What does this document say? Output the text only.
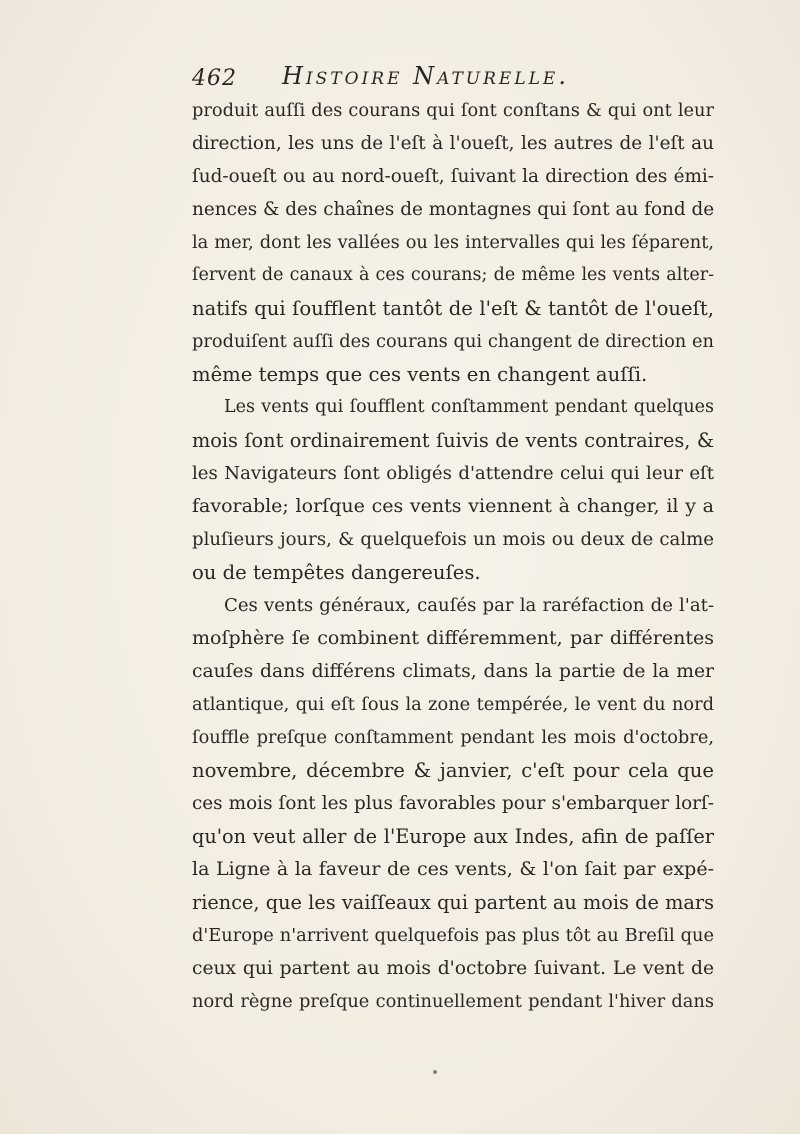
462 Histoire Naturelle.
produit auſſi des courans qui ſont conſtans & qui ont leur
direction, les uns de l'eſt à l'oueſt, les autres de l'eſt au
ſud-oueſt ou au nord-oueſt, ſuivant la direction des émi-
nences & des chaînes de montagnes qui ſont au fond de
la mer, dont les vallées ou les intervalles qui les ſéparent,
ſervent de canaux à ces courans; de même les vents alter-
natifs qui ſoufflent tantôt de l'eſt & tantôt de l'oueſt,
produiſent auſſi des courans qui changent de direction en
même temps que ces vents en changent auſſi.
Les vents qui ſoufflent conſtamment pendant quelques
mois ſont ordinairement ſuivis de vents contraires, &
les Navigateurs ſont obligés d'attendre celui qui leur eſt
favorable; lorſque ces vents viennent à changer, il y a
pluſieurs jours, & quelquefois un mois ou deux de calme
ou de tempêtes dangereuſes.
Ces vents généraux, cauſés par la raréfaction de l'at-
moſphère ſe combinent différemment, par différentes
cauſes dans différens climats, dans la partie de la mer
atlantique, qui eſt ſous la zone tempérée, le vent du nord
ſouffle preſque conſtamment pendant les mois d'octobre,
novembre, décembre & janvier, c'eſt pour cela que
ces mois ſont les plus favorables pour s'embarquer lorſ-
qu'on veut aller de l'Europe aux Indes, afin de paſſer
la Ligne à la faveur de ces vents, & l'on ſait par expé-
rience, que les vaiſſeaux qui partent au mois de mars
d'Europe n'arrivent quelquefois pas plus tôt au Breſil que
ceux qui partent au mois d'octobre ſuivant. Le vent de
nord règne preſque continuellement pendant l'hiver dans
